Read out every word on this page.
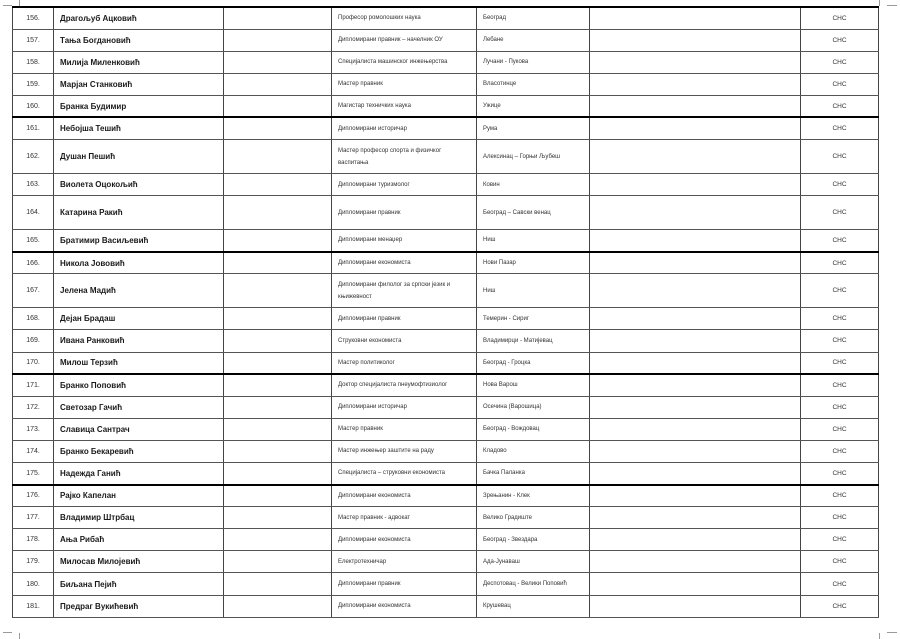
156.	Драгољуб Ацковић		Професор ромолошких наука	Београд		СНС
157.	Тања Богдановић		Дипломирани правник – начелник ОУ	Лебане		СНС
158.	Милија Миленковић		Специјалиста машинског инжењерства	Лучани - Пукова		СНС
159.	Марјан Станковић		Мастер правник	Власотинце		СНС
160.	Бранка Будимир		Магистар техничких наука	Ужице		СНС
161.	Небојша Тешић		Дипломирани историчар	Рума		СНС
162.	Душан Пешић		Мастер професор спорта и физичког васпитања	Алексинац – Горњи Љубеш		СНС
163.	Виолета Оцокољић		Дипломирани туризмолог	Ковин		СНС
164.	Катарина Ракић		Дипломирани правник	Београд – Савски венац		СНС
165.	Братимир Васиљевић		Дипломирани менаџер	Ниш		СНС
166.	Никола Јововић		Дипломирани економиста	Нови Пазар		СНС
167.	Јелена Мадић		Дипломирани филолог за српски језик и књижевност	Ниш		СНС
168.	Дејан Брадаш		Дипломирани правник	Темерин - Сириг		СНС
169.	Ивана Ранковић		Струковни економиста	Владимирци - Матијевац		СНС
170.	Милош Терзић		Мастер политиколог	Београд - Гроцка		СНС
171.	Бранко Поповић		Доктор специјалиста пнеумофтизиолог	Нова Варош		СНС
172.	Светозар Гачић		Дипломирани историчар	Осечина (Варошица)		СНС
173.	Славица Сантрач		Мастер правник	Београд - Вождовац		СНС
174.	Бранко Бекаревић		Мастер инжењер заштите на раду	Кладово		СНС
175.	Надежда Ганић		Специјалиста – струковни економиста	Бачка Паланка		СНС
176.	Рајко Капелан		Дипломирани економиста	Зрењанин - Клек		СНС
177.	Владимир Штрбац		Мастер правник - адвокат	Велико Градиште		СНС
178.	Ања Рибаћ		Дипломирани економиста	Београд - Звездара		СНС
179.	Милосав Милојевић		Електротехничар	Ада-Јунаваш		СНС
180.	Биљана Пејић		Дипломирани правник	Деспотовац - Велики Поповић		СНС
181.	Предраг Вукићевић		Дипломирани економиста	Крушевац		СНС
